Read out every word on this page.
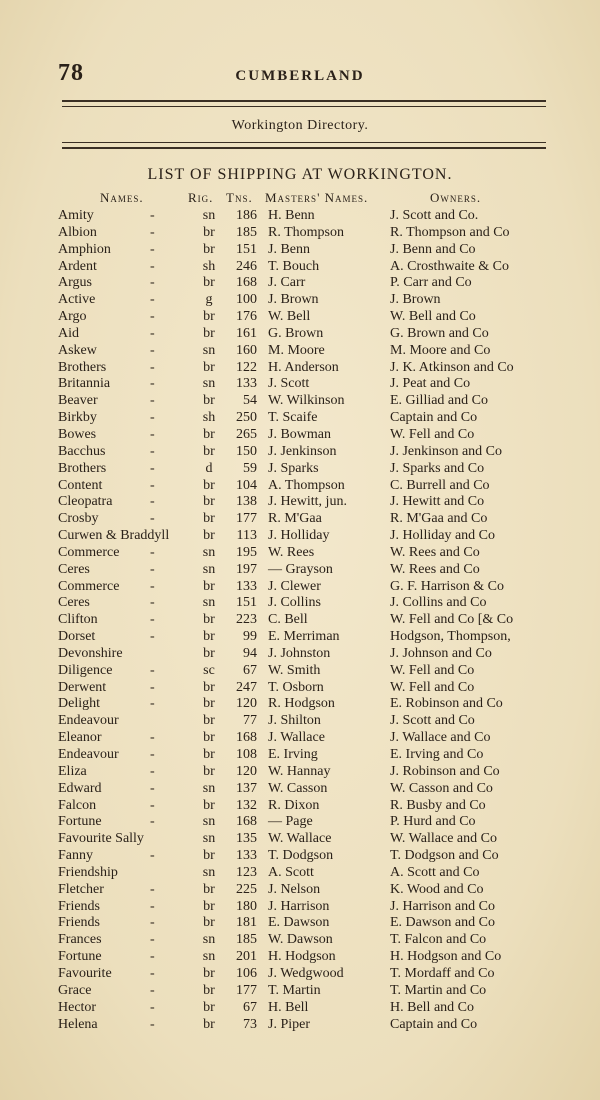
78	CUMBERLAND
Workington Directory.
LIST OF SHIPPING AT WORKINGTON.
Names.	Rig. Tns. Masters' Names.	Owners.
Amity	-	sn	186 H. Benn	J. Scott and Co.
Albion	-	br	185 R. Thompson	R. Thompson and Co
Amphion	-	br	151 J. Benn	J. Benn and Co
Ardent	-	sh	246 T. Bouch	A. Crosthwaite & Co
Argus	-	br	168 J. Carr	P. Carr and Co
Active	-	g	100 J. Brown	J. Brown
Argo	-	br	176 W. Bell	W. Bell and Co
Aid	-	br	161 G. Brown	G. Brown and Co
Askew	-	sn	160 M. Moore	M. Moore and Co
Brothers	-	br	122 H. Anderson	J. K. Atkinson and Co
Britannia	-	sn	133 J. Scott	J. Peat and Co
Beaver	-	br	54 W. Wilkinson	E. Gilliad and Co
Birkby	-	sh	250 T. Scaife	Captain and Co
Bowes	-	br	265 J. Bowman	W. Fell and Co
Bacchus	-	br	150 J. Jenkinson	J. Jenkinson and Co
Brothers	-	d	59 J. Sparks	J. Sparks and Co
Content	-	br	104 A. Thompson	C. Burrell and Co
Cleopatra	-	br	138 J. Hewitt, jun.	J. Hewitt and Co
Crosby	-	br	177 R. M'Gaa	R. M'Gaa and Co
Curwen & Braddyll	br	113 J. Holliday	J. Holliday and Co
Commerce -	sn	195 W. Rees	W. Rees and Co
Ceres	-	sn	197 — Grayson	W. Rees and Co
Commerce -	br	133 J. Clewer	G. F. Harrison & Co
Ceres	-	sn	151 J. Collins	J. Collins and Co
Clifton	-	br	223 C. Bell	W. Fell and Co [& Co
Dorset	-	br	99 E. Merriman	Hodgson, Thompson,
Devonshire	br	94 J. Johnston	J. Johnson and Co
Diligence	-	sc	67 W. Smith	W. Fell and Co
Derwent	-	br	247 T. Osborn	W. Fell and Co
Delight	-	br	120 R. Hodgson	E. Robinson and Co
Endeavour	br	77 J. Shilton	J. Scott and Co
Eleanor	-	br	168 J. Wallace	J. Wallace and Co
Endeavour -	br	108 E. Irving	E. Irving and Co
Eliza	-	br	120 W. Hannay	J. Robinson and Co
Edward	-	sn	137 W. Casson	W. Casson and Co
Falcon	-	br	132 R. Dixon	R. Busby and Co
Fortune	-	sn	168 — Page	P. Hurd and Co
Favourite Sally	sn	135 W. Wallace	W. Wallace and Co
Fanny	-	br	133 T. Dodgson	T. Dodgson and Co
Friendship	sn	123 A. Scott	A. Scott and Co
Fletcher	-	br	225 J. Nelson	K. Wood and Co
Friends	-	br	180 J. Harrison	J. Harrison and Co
Friends	-	br	181 E. Dawson	E. Dawson and Co
Frances	-	sn	185 W. Dawson	T. Falcon and Co
Fortune	-	sn	201 H. Hodgson	H. Hodgson and Co
Favourite	-	br	106 J. Wedgwood	T. Mordaff and Co
Grace	-	br	177 T. Martin	T. Martin and Co
Hector	-	br	67 H. Bell	H. Bell and Co
Helena	-	br	73 J. Piper	Captain and Co
